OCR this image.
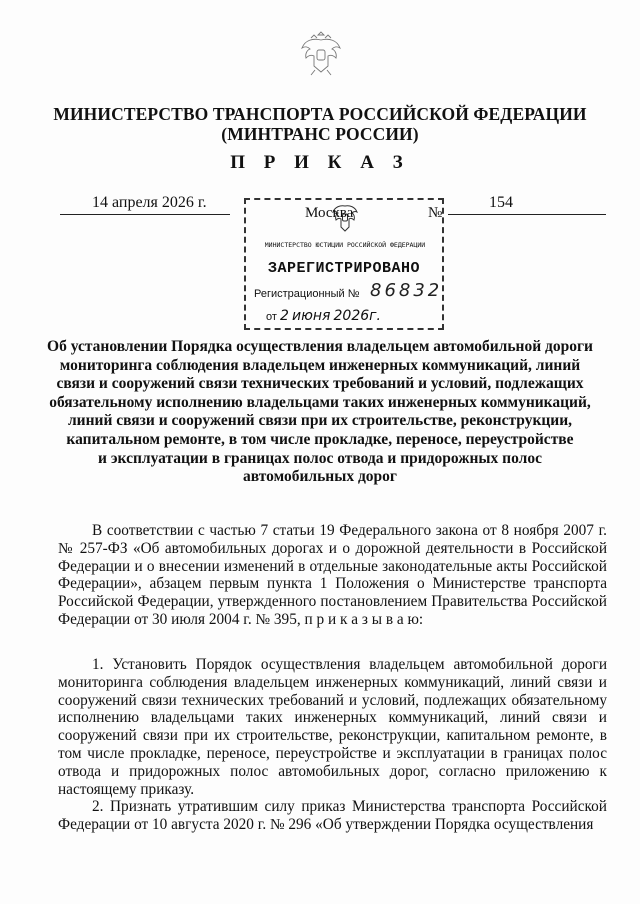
МИНИСТЕРСТВО ТРАНСПОРТА РОССИЙСКОЙ ФЕДЕРАЦИИ
(МИНТРАНС РОССИИ)
П Р И К А З
14 апреля 2026 г.	154
МИНИСТЕРСТВО ЮСТИЦИИ РОССИЙСКОЙ ФЕДЕРАЦИИ
ЗАРЕГИСТРИРОВАНО
Регистрационный № 86832
от 2 июня 2026г.
Москва	№
Об установлении Порядка осуществления владельцем автомобильной дороги
мониторинга соблюдения владельцем инженерных коммуникаций, линий
связи и сооружений связи технических требований и условий, подлежащих
обязательному исполнению владельцами таких инженерных коммуникаций,
линий связи и сооружений связи при их строительстве, реконструкции,
капитальном ремонте, в том числе прокладке, переносе, переустройстве
и эксплуатации в границах полос отвода и придорожных полос
автомобильных дорог

В соответствии с частью 7 статьи 19 Федерального закона от 8 ноября 2007 г. № 257-ФЗ «Об автомобильных дорогах и о дорожной деятельности в Российской Федерации и о внесении изменений в отдельные законодательные акты Российской Федерации», абзацем первым пункта 1 Положения о Министерстве транспорта Российской Федерации, утвержденного постановлением Правительства Российской Федерации от 30 июля 2004 г. № 395, п р и к а з ы в а ю:

1. Установить Порядок осуществления владельцем автомобильной дороги мониторинга соблюдения владельцем инженерных коммуникаций, линий связи и сооружений связи технических требований и условий, подлежащих обязательному исполнению владельцами таких инженерных коммуникаций, линий связи и сооружений связи при их строительстве, реконструкции, капитальном ремонте, в том числе прокладке, переносе, переустройстве и эксплуатации в границах полос отвода и придорожных полос автомобильных дорог, согласно приложению к настоящему приказу.

2. Признать утратившим силу приказ Министерства транспорта Российской Федерации от 10 августа 2020 г. № 296 «Об утверждении Порядка осуществления
